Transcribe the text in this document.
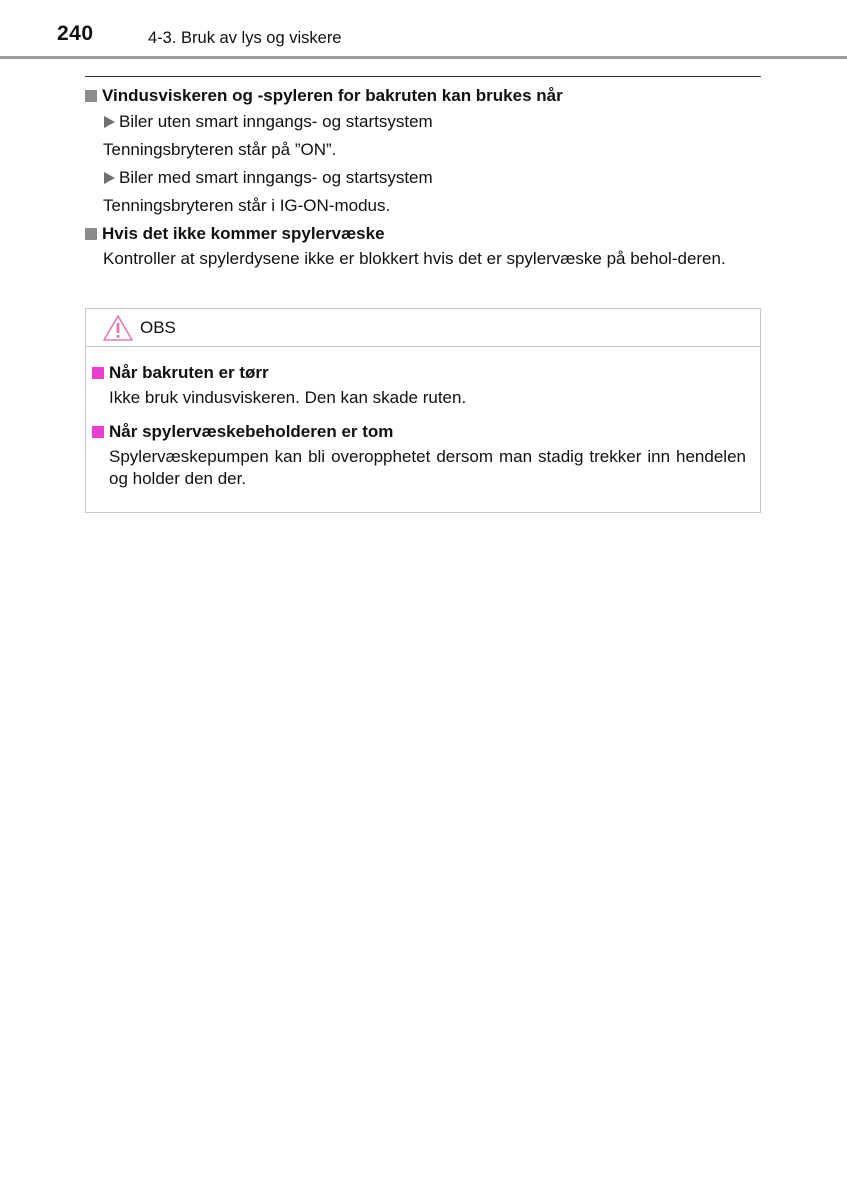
240	4-3. Bruk av lys og viskere
Vindusviskeren og -spyleren for bakruten kan brukes når
Biler uten smart inngangs- og startsystem
Tenningsbryteren står på ”ON”.
Biler med smart inngangs- og startsystem
Tenningsbryteren står i IG-ON-modus.
Hvis det ikke kommer spylervæske
Kontroller at spylerdysene ikke er blokkert hvis det er spylervæske på behol-deren.
OBS
Når bakruten er tørr
Ikke bruk vindusviskeren. Den kan skade ruten.
Når spylervæskebeholderen er tom
Spylervæskepumpen kan bli overopphetet dersom man stadig trekker inn hendelen og holder den der.
